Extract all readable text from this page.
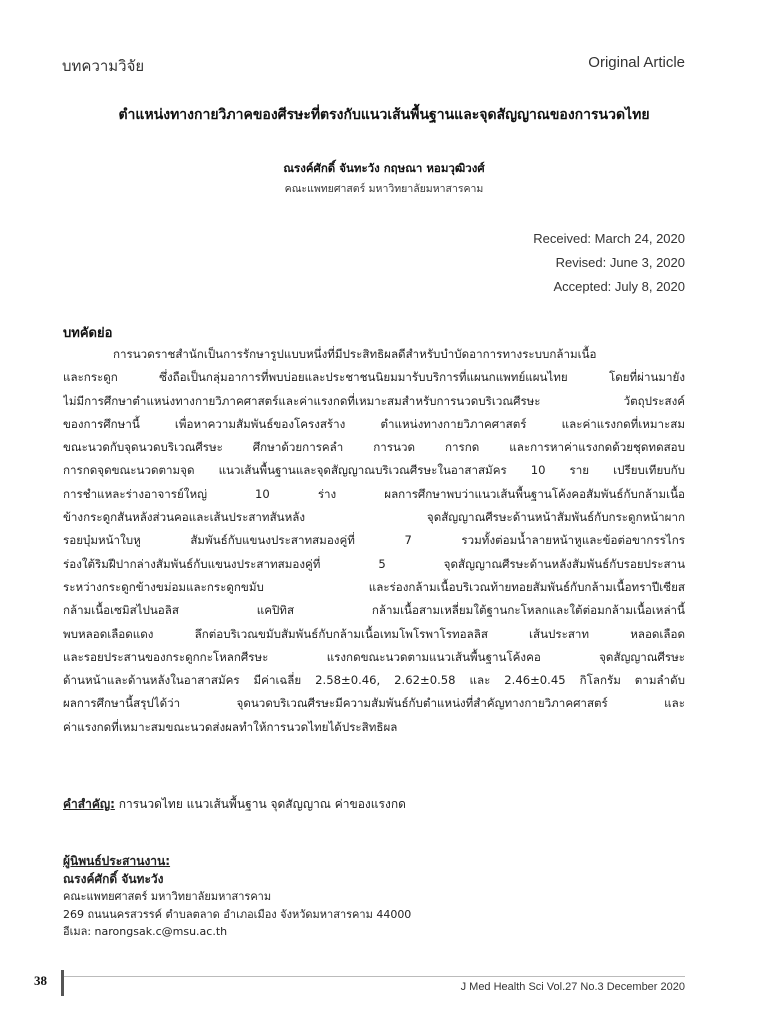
บทความวิจัย	Original Article
ตำแหน่งทางกายวิภาคของศีรษะที่ตรงกับแนวเส้นพื้นฐานและจุดสัญญาณของการนวดไทย
ณรงค์ศักดิ์ จันทะวัง กฤษณา หอมวุฒิวงศ์
คณะแพทยศาสตร์ มหาวิทยาลัยมหาสารคาม
Received: March 24, 2020
Revised: June 3, 2020
Accepted: July 8, 2020
บทคัดย่อ
การนวดราชสำนักเป็นการรักษารูปแบบหนึ่งที่มีประสิทธิผลดีสำหรับบำบัดอาการทางระบบกล้ามเนื้อ
และกระดูก ซึ่งถือเป็นกลุ่มอาการที่พบบ่อยและประชาชนนิยมมารับบริการที่แผนกแพทย์แผนไทย โดยที่ผ่านมายัง
ไม่มีการศึกษาตำแหน่งทางกายวิภาคศาสตร์และค่าแรงกดที่เหมาะสมสำหรับการนวดบริเวณศีรษะ วัตถุประสงค์
ของการศึกษานี้ เพื่อหาความสัมพันธ์ของโครงสร้าง ตำแหน่งทางกายวิภาคศาสตร์ และค่าแรงกดที่เหมาะสม
ขณะนวดกับจุดนวดบริเวณศีรษะ ศึกษาด้วยการคลำ การนวด การกด และการหาค่าแรงกดด้วยชุดทดสอบ
การกดจุดขณะนวดตามจุด แนวเส้นพื้นฐานและจุดสัญญาณบริเวณศีรษะในอาสาสมัคร 10 ราย เปรียบเทียบกับ
การชำแหละร่างอาจารย์ใหญ่ 10 ร่าง ผลการศึกษาพบว่าแนวเส้นพื้นฐานโค้งคอสัมพันธ์กับกล้ามเนื้อ
ข้างกระดูกสันหลังส่วนคอและเส้นประสาทสันหลัง จุดสัญญาณศีรษะด้านหน้าสัมพันธ์กับกระดูกหน้าผาก
รอยบุ๋มหน้าใบหู สัมพันธ์กับแขนงประสาทสมองคู่ที่ 7 รวมทั้งต่อมน้ำลายหน้าหูและข้อต่อขากรรไกร
ร่องใต้ริมฝีปากล่างสัมพันธ์กับแขนงประสาทสมองคู่ที่ 5 จุดสัญญาณศีรษะด้านหลังสัมพันธ์กับรอยประสาน
ระหว่างกระดูกข้างขม่อมและกระดูกขมับ และร่องกล้ามเนื้อบริเวณท้ายทอยสัมพันธ์กับกล้ามเนื้อทราปีเซียส
กล้ามเนื้อเซมิสไปนอลิส แคปิทิส กล้ามเนื้อสามเหลี่ยมใต้ฐานกะโหลกและใต้ต่อมกล้ามเนื้อเหล่านี้
พบหลอดเลือดแดง ลึกต่อบริเวณขมับสัมพันธ์กับกล้ามเนื้อเทมโพโรพาโรทอลลิส เส้นประสาท หลอดเลือด
และรอยประสานของกระดูกกะโหลกศีรษะ แรงกดขณะนวดตามแนวเส้นพื้นฐานโค้งคอ จุดสัญญาณศีรษะ
ด้านหน้าและด้านหลังในอาสาสมัคร มีค่าเฉลี่ย 2.58±0.46, 2.62±0.58 และ 2.46±0.45 กิโลกรัม ตามลำดับ
ผลการศึกษานี้สรุปได้ว่า จุดนวดบริเวณศีรษะมีความสัมพันธ์กับตำแหน่งที่สำคัญทางกายวิภาคศาสตร์ และ
ค่าแรงกดที่เหมาะสมขณะนวดส่งผลทำให้การนวดไทยได้ประสิทธิผล
คำสำคัญ: การนวดไทย แนวเส้นพื้นฐาน จุดสัญญาณ ค่าของแรงกด
ผู้นิพนธ์ประสานงาน:
ณรงค์ศักดิ์ จันทะวัง
คณะแพทยศาสตร์ มหาวิทยาลัยมหาสารคาม
269 ถนนนครสวรรค์ ตำบลตลาด อำเภอเมือง จังหวัดมหาสารคาม 44000
อีเมล: narongsak.c@msu.ac.th
38	J Med Health Sci Vol.27 No.3 December 2020
